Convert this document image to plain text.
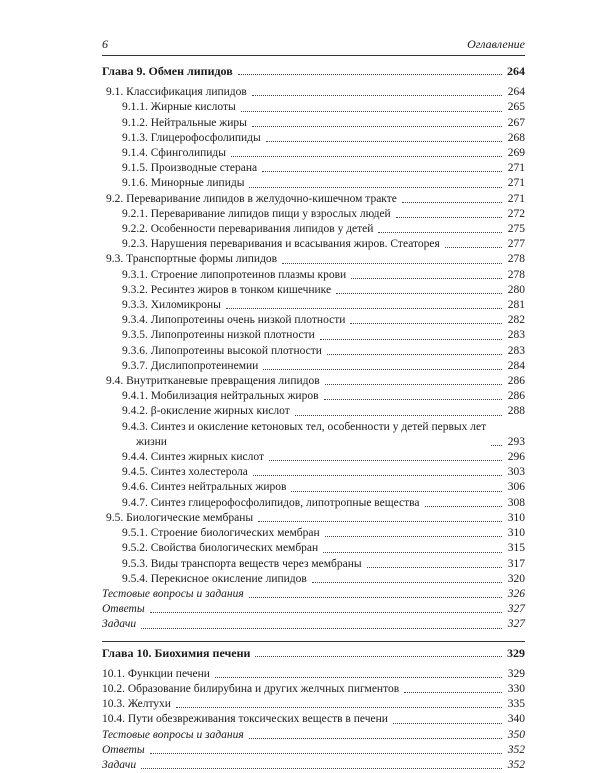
6	Оглавление
Глава 9. Обмен липидов	264
9.1. Классификация липидов	264
9.1.1. Жирные кислоты	265
9.1.2. Нейтральные жиры	267
9.1.3. Глицерофосфолипиды	268
9.1.4. Сфинголипиды	269
9.1.5. Производные стерана	271
9.1.6. Минорные липиды	271
9.2. Переваривание липидов в желудочно-кишечном тракте	271
9.2.1. Переваривание липидов пищи у взрослых людей	272
9.2.2. Особенности переваривания липидов у детей	275
9.2.3. Нарушения переваривания и всасывания жиров. Стеаторея	277
9.3. Транспортные формы липидов	278
9.3.1. Строение липопротеинов плазмы крови	278
9.3.2. Ресинтез жиров в тонком кишечнике	280
9.3.3. Хиломикроны	281
9.3.4. Липопротеины очень низкой плотности	282
9.3.5. Липопротеины низкой плотности	283
9.3.6. Липопротеины высокой плотности	283
9.3.7. Дислипопротеинемии	284
9.4. Внутритканевые превращения липидов	286
9.4.1. Мобилизация нейтральных жиров	286
9.4.2. β-окисление жирных кислот	288
9.4.3. Синтез и окисление кетоновых тел, особенности у детей первых лет
жизни	293
9.4.4. Синтез жирных кислот	296
9.4.5. Синтез холестерола	303
9.4.6. Синтез нейтральных жиров	306
9.4.7. Синтез глицерофосфолипидов, липотропные вещества	308
9.5. Биологические мембраны	310
9.5.1. Строение биологических мембран	310
9.5.2. Свойства биологических мембран	315
9.5.3. Виды транспорта веществ через мембраны	317
9.5.4. Перекисное окисление липидов	320
Тестовые вопросы и задания	326
Ответы	327
Задачи	327
Глава 10. Биохимия печени	329
10.1. Функции печени	329
10.2. Образование билирубина и других желчных пигментов	330
10.3. Желтухи	335
10.4. Пути обезвреживания токсических веществ в печени	340
Тестовые вопросы и задания	350
Ответы	352
Задачи	352
